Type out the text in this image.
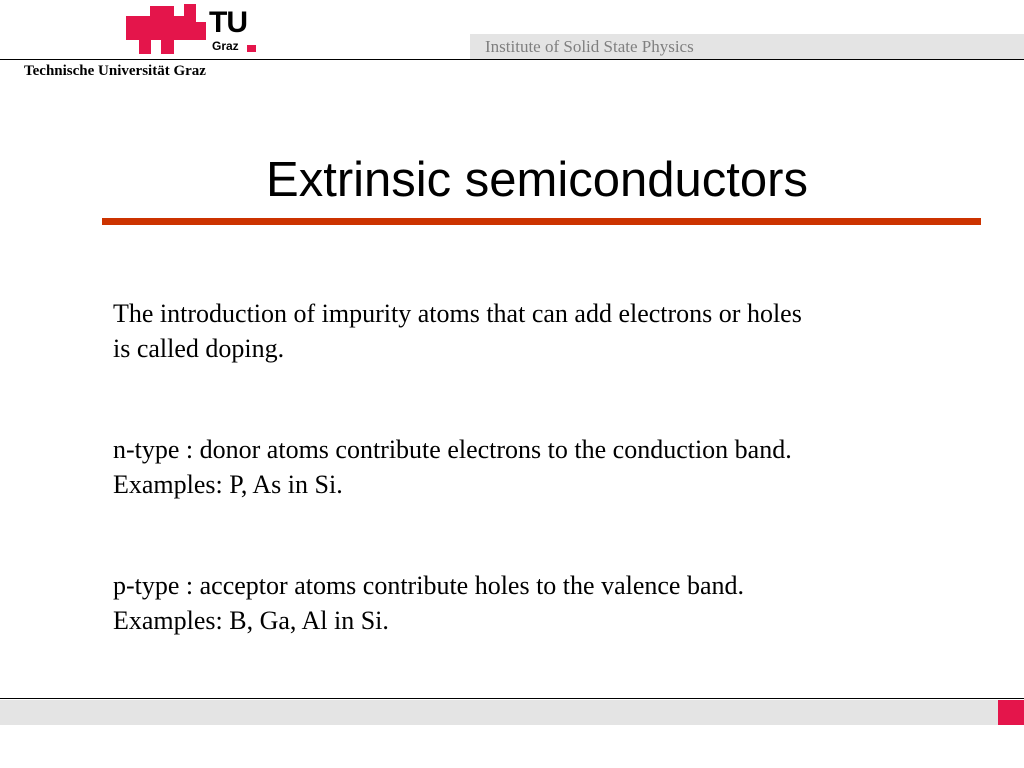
TU
Graz	Institute of Solid State Physics
Technische Universität Graz
Extrinsic semiconductors
The introduction of impurity atoms that can add electrons or holes
is called doping.
n-type : donor atoms contribute electrons to the conduction band.
Examples: P, As in Si.
p-type : acceptor atoms contribute holes to the valence band.
Examples: B, Ga, Al in Si.
